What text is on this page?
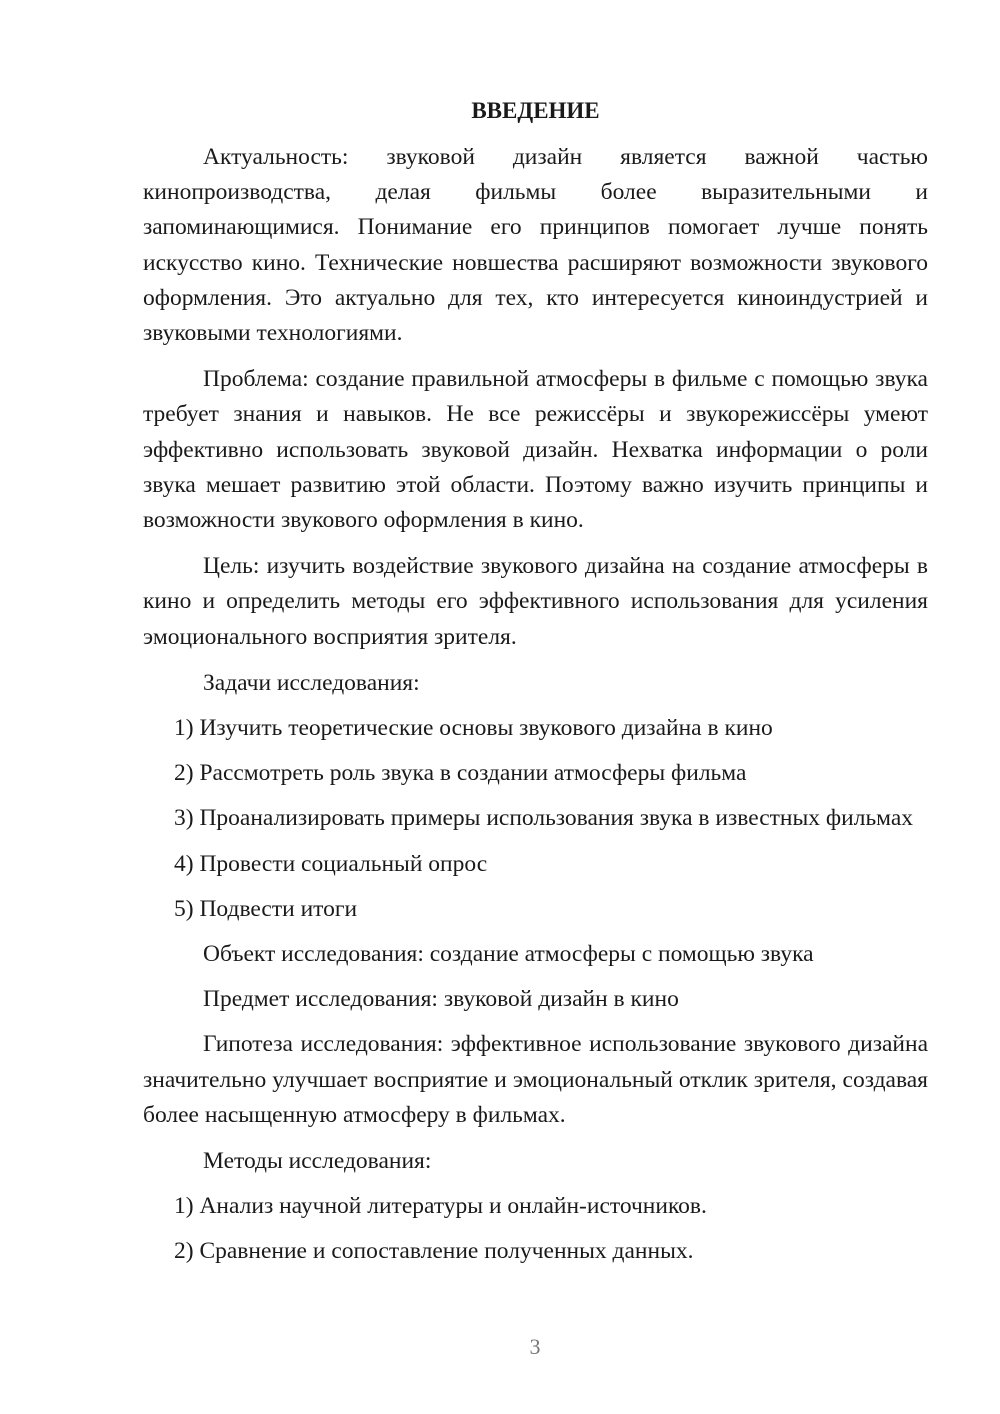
ВВЕДЕНИЕ

Актуальность: звуковой дизайн является важной частью кинопроизводства, делая фильмы более выразительными и запоминающимися. Понимание его принципов помогает лучше понять искусство кино. Технические новшества расширяют возможности звукового оформления. Это актуально для тех, кто интересуется киноиндустрией и звуковыми технологиями.

Проблема: создание правильной атмосферы в фильме с помощью звука требует знания и навыков. Не все режиссёры и звукорежиссёры умеют эффективно использовать звуковой дизайн. Нехватка информации о роли звука мешает развитию этой области. Поэтому важно изучить принципы и возможности звукового оформления в кино.

Цель: изучить воздействие звукового дизайна на создание атмосферы в кино и определить методы его эффективного использования для усиления эмоционального восприятия зрителя.

Задачи исследования:

1) Изучить теоретические основы звукового дизайна в кино

2) Рассмотреть роль звука в создании атмосферы фильма

3) Проанализировать примеры использования звука в известных фильмах

4) Провести социальный опрос

5) Подвести итоги

Объект исследования: создание атмосферы с помощью звука

Предмет исследования: звуковой дизайн в кино

Гипотеза исследования: эффективное использование звукового дизайна значительно улучшает восприятие и эмоциональный отклик зрителя, создавая более насыщенную атмосферу в фильмах.

Методы исследования:

1) Анализ научной литературы и онлайн-источников.

2) Сравнение и сопоставление полученных данных.

3
